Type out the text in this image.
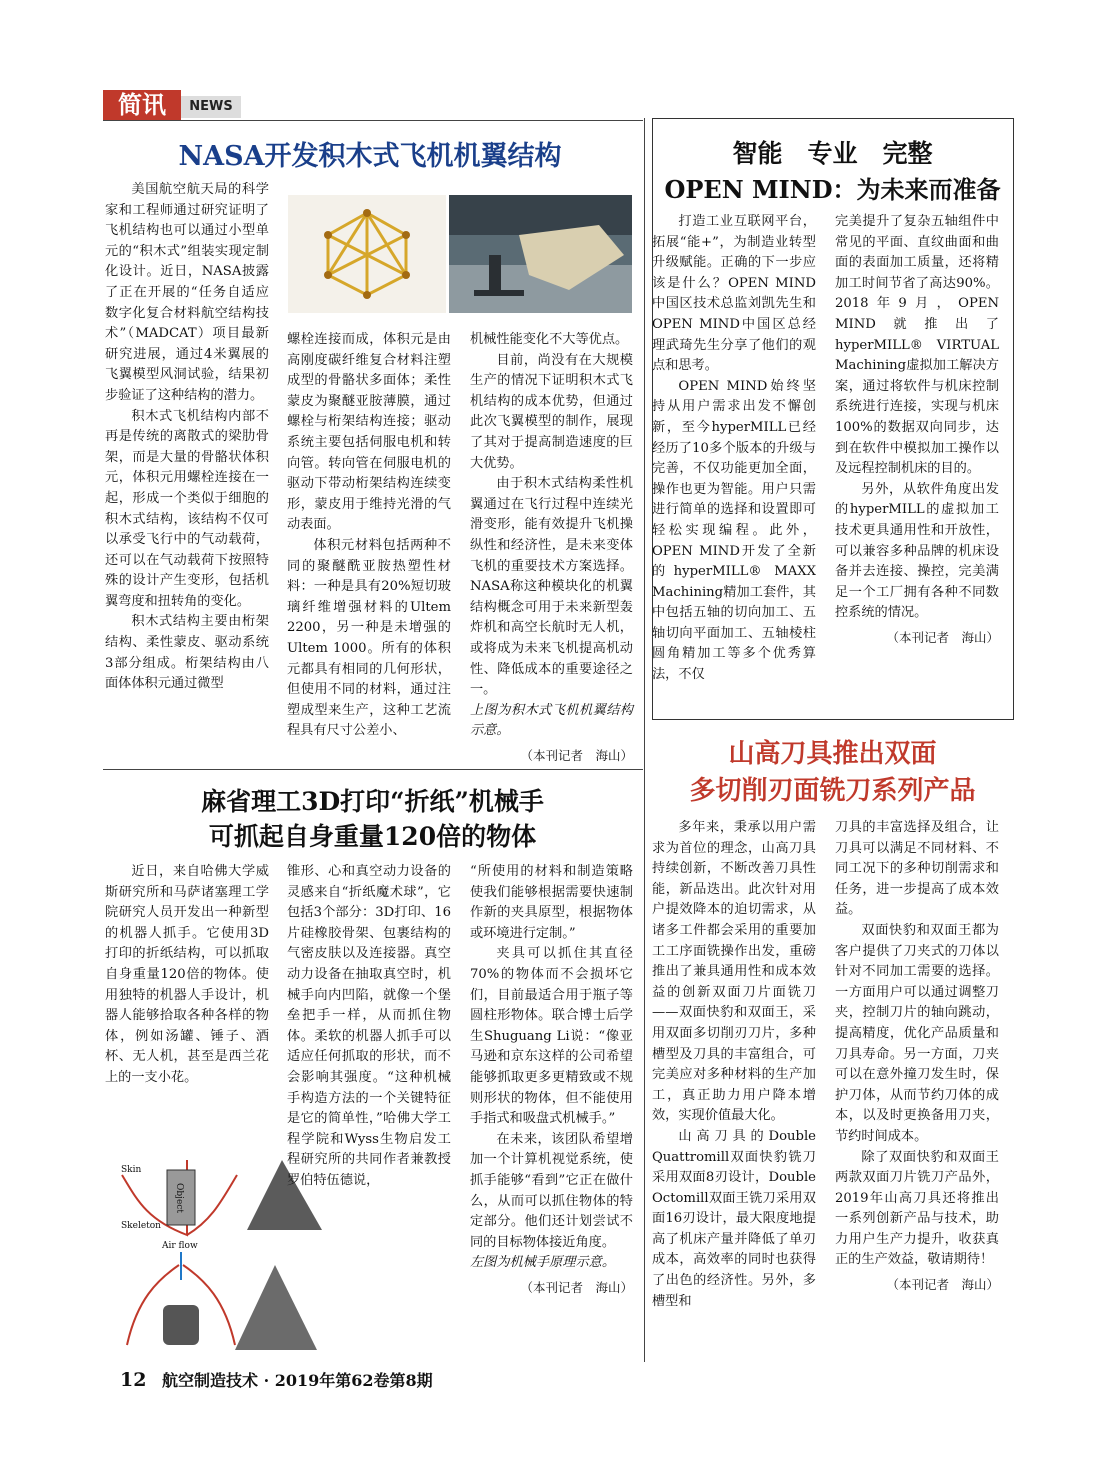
简讯	NEWS
NASA开发积木式飞机机翼结构

美国航空航天局的科学家和工程师通过研究证明了飞机结构也可以通过小型单元的“积木式”组装实现定制化设计。近日，NASA披露了正在开展的“任务自适应数字化复合材料航空结构技术”（MADCAT）项目最新研究进展，通过4米翼展的飞翼模型风洞试验，结果初步验证了这种结构的潜力。

积木式飞机结构内部不再是传统的离散式的梁肋骨架，而是大量的骨骼状体积元，体积元用螺栓连接在一起，形成一个类似于细胞的积木式结构，该结构不仅可以承受飞行中的气动载荷，还可以在气动载荷下按照特殊的设计产生变形，包括机翼弯度和扭转角的变化。

积木式结构主要由桁架结构、柔性蒙皮、驱动系统3部分组成。桁架结构由八面体体积元通过微型

螺栓连接而成，体积元是由高刚度碳纤维复合材料注塑成型的骨骼状多面体；柔性蒙皮为聚醚亚胺薄膜，通过螺栓与桁架结构连接；驱动系统主要包括伺服电机和转向管。转向管在伺服电机的驱动下带动桁架结构连续变形，蒙皮用于维持光滑的气动表面。

体积元材料包括两种不同的聚醚酰亚胺热塑性材料：一种是具有20%短切玻璃纤维增强材料的Ultem 2200，另一种是未增强的Ultem 1000。所有的体积元都具有相同的几何形状，但使用不同的材料，通过注塑成型来生产，这种工艺流程具有尺寸公差小、

机械性能变化不大等优点。

目前，尚没有在大规模生产的情况下证明积木式飞机结构的成本优势，但通过此次飞翼模型的制作，展现了其对于提高制造速度的巨大优势。

由于积木式结构柔性机翼通过在飞行过程中连续光滑变形，能有效提升飞机操纵性和经济性，是未来变体飞机的重要技术方案选择。NASA称这种模块化的机翼结构概念可用于未来新型轰炸机和高空长航时无人机，或将成为未来飞机提高机动性、降低成本的重要途径之一。

上图为积木式飞机机翼结构示意。

（本刊记者　海山）
智能　专业　完整
OPEN MIND：为未来而准备

打造工业互联网平台，拓展“能+”，为制造业转型升级赋能。正确的下一步应该是什么？OPEN MIND中国区技术总监刘凯先生和OPEN MIND中国区总经理武琦先生分享了他们的观点和思考。

OPEN MIND始终坚持从用户需求出发不懈创新，至今hyperMILL已经经历了10多个版本的升级与完善，不仅功能更加全面，操作也更为智能。用户只需进行简单的选择和设置即可轻松实现编程。此外，OPEN MIND开发了全新的hyperMILL® MAXX Machining精加工套件，其中包括五轴的切向加工、五轴切向平面加工、五轴棱柱圆角精加工等多个优秀算法，不仅

完美提升了复杂五轴组件中常见的平面、直纹曲面和曲面的表面加工质量，还将精加工时间节省了高达90%。2018年9月，OPEN MIND就推出了hyperMILL® VIRTUAL Machining虚拟加工解决方案，通过将软件与机床控制系统进行连接，实现与机床100%的数据双向同步，达到在软件中模拟加工操作以及远程控制机床的目的。

另外，从软件角度出发的hyperMILL的虚拟加工技术更具通用性和开放性，可以兼容多种品牌的机床设备并去连接、操控，完美满足一个工厂拥有各种不同数控系统的情况。

（本刊记者　海山）
麻省理工3D打印“折纸”机械手
可抓起自身重量120倍的物体

近日，来自哈佛大学威斯研究所和马萨诸塞理工学院研究人员开发出一种新型的机器人抓手。它使用3D打印的折纸结构，可以抓取自身重量120倍的物体。使用独特的机器人手设计，机器人能够拾取各种各样的物体，例如汤罐、锤子、酒杯、无人机，甚至是西兰花上的一支小花。

Object
Skin
Skeleton
Air flow

锥形、心和真空动力设备的灵感来自“折纸魔术球”，它包括3个部分：3D打印、16片硅橡胶骨架、包裹结构的气密皮肤以及连接器。真空动力设备在抽取真空时，机械手向内凹陷，就像一个堡垒把手一样，从而抓住物体。柔软的机器人抓手可以适应任何抓取的形状，而不会影响其强度。“这种机械手构造方法的一个关键特征是它的简单性，”哈佛大学工程学院和Wyss生物启发工程研究所的共同作者兼教授罗伯特伍德说，

“所使用的材料和制造策略使我们能够根据需要快速制作新的夹具原型，根据物体或环境进行定制。”

夹具可以抓住其直径70%的物体而不会损坏它们，目前最适合用于瓶子等圆柱形物体。联合博士后学生Shuguang Li说：“像亚马逊和京东这样的公司希望能够抓取更多更精致或不规则形状的物体，但不能使用手指式和吸盘式机械手。”

在未来，该团队希望增加一个计算机视觉系统，使抓手能够“看到”它正在做什么，从而可以抓住物体的特定部分。他们还计划尝试不同的目标物体接近角度。

左图为机械手原理示意。

（本刊记者　海山）
山高刀具推出双面
多切削刃面铣刀系列产品

多年来，秉承以用户需求为首位的理念，山高刀具持续创新，不断改善刀具性能，新品迭出。此次针对用户提效降本的迫切需求，从诸多工件都会采用的重要加工工序面铣操作出发，重磅推出了兼具通用性和成本效益的创新双面刀片面铣刀——双面快豹和双面王，采用双面多切削刃刀片，多种槽型及刀具的丰富组合，可完美应对多种材料的生产加工，真正助力用户降本增效，实现价值最大化。

山高刀具的Double Quattromill双面快豹铣刀采用双面8刃设计，Double Octomill双面王铣刀采用双面16刃设计，最大限度地提高了机床产量并降低了单刃成本，高效率的同时也获得了出色的经济性。另外，多槽型和

刀具的丰富选择及组合，让刀具可以满足不同材料、不同工况下的多种切削需求和任务，进一步提高了成本效益。

双面快豹和双面王都为客户提供了刀夹式的刀体以针对不同加工需要的选择。一方面用户可以通过调整刀夹，控制刀片的轴向跳动，提高精度，优化产品质量和刀具寿命。另一方面，刀夹可以在意外撞刀发生时，保护刀体，从而节约刀体的成本，以及时更换备用刀夹，节约时间成本。

除了双面快豹和双面王两款双面刀片铣刀产品外，2019年山高刀具还将推出一系列创新产品与技术，助力用户生产力提升，收获真正的生产效益，敬请期待！

（本刊记者　海山）
12 航空制造技术 · 2019年第62卷第8期
